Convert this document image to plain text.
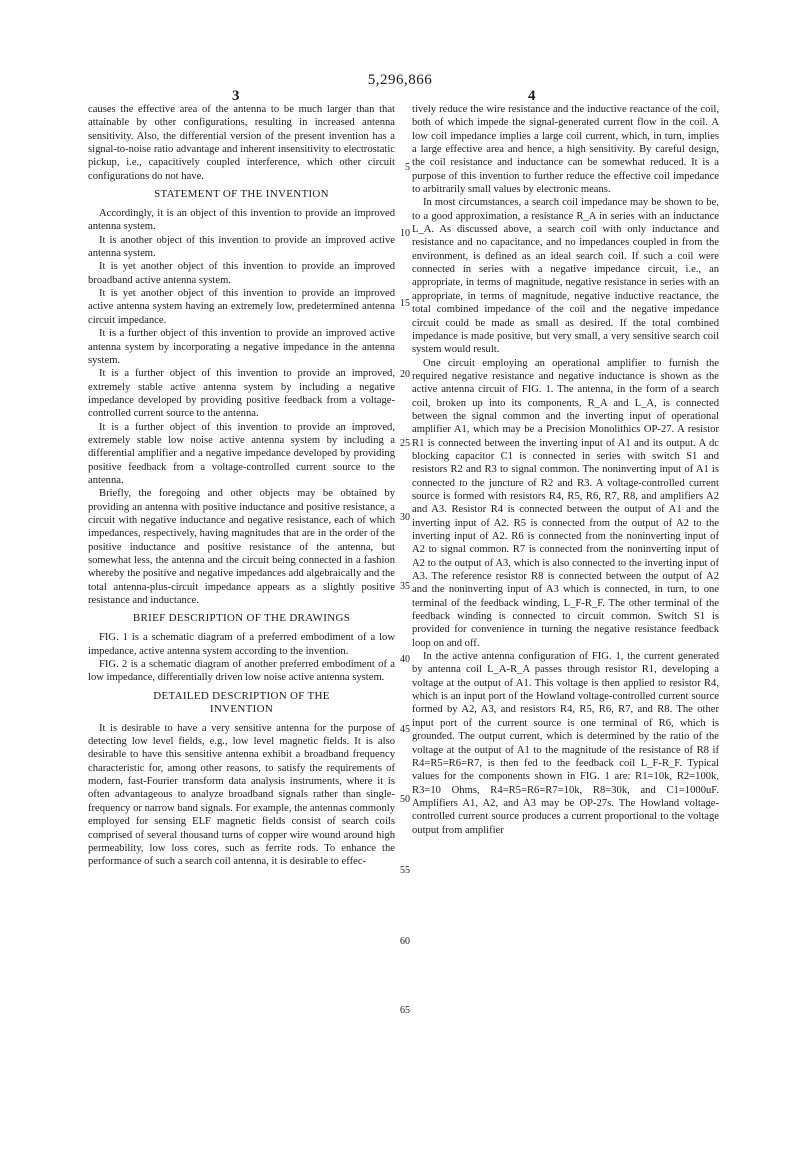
5,296,866
3	4

causes the effective area of the antenna to be much larger than that attainable by other configurations, resulting in increased antenna sensitivity. Also, the differential version of the present invention has a signal-to-noise ratio advantage and inherent insensitivity to electrostatic pickup, i.e., capacitively coupled interference, which other circuit configurations do not have.

STATEMENT OF THE INVENTION

Accordingly, it is an object of this invention to provide an improved antenna system.

It is another object of this invention to provide an improved active antenna system.

It is yet another object of this invention to provide an improved broadband active antenna system.

It is yet another object of this invention to provide an improved active antenna system having an extremely low, predetermined antenna circuit impedance.

It is a further object of this invention to provide an improved active antenna system by incorporating a negative impedance in the antenna system.

It is a further object of this invention to provide an improved, extremely stable active antenna system by including a negative impedance developed by providing positive feedback from a voltage-controlled current source to the antenna.

It is a further object of this invention to provide an improved, extremely stable low noise active antenna system by including a differential amplifier and a negative impedance developed by providing positive feedback from a voltage-controlled current source to the antenna.

Briefly, the foregoing and other objects may be obtained by providing an antenna with positive inductance and positive resistance, a circuit with negative inductance and negative resistance, each of which impedances, respectively, having magnitudes that are in the order of the positive inductance and positive resistance of the antenna, but somewhat less, the antenna and the circuit being connected in a fashion whereby the positive and negative impedances add algebraically and the total antenna-plus-circuit impedance appears as a slightly positive resistance and inductance.

BRIEF DESCRIPTION OF THE DRAWINGS

FIG. 1 is a schematic diagram of a preferred embodiment of a low impedance, active antenna system according to the invention.

FIG. 2 is a schematic diagram of another preferred embodiment of a low impedance, differentially driven low noise active antenna system.

DETAILED DESCRIPTION OF THE
INVENTION

It is desirable to have a very sensitive antenna for the purpose of detecting low level fields, e.g., low level magnetic fields. It is also desirable to have this sensitive antenna exhibit a broadband frequency characteristic for, among other reasons, to satisfy the requirements of modern, fast-Fourier transform data analysis instruments, where it is often advantageous to analyze broadband signals rather than single-frequency or narrow band signals. For example, the antennas commonly employed for sensing ELF magnetic fields consist of search coils comprised of several thousand turns of copper wire wound around high permeability, low loss cores, such as ferrite rods. To enhance the performance of such a search coil antenna, it is desirable to effec-

tively reduce the wire resistance and the inductive reactance of the coil, both of which impede the signal-generated current flow in the coil. A low coil impedance implies a large coil current, which, in turn, implies a large effective area and hence, a high sensitivity. By careful design, the coil resistance and inductance can be somewhat reduced. It is a purpose of this invention to further reduce the effective coil impedance to arbitrarily small values by electronic means.

In most circumstances, a search coil impedance may be shown to be, to a good approximation, a resistance R_A in series with an inductance L_A. As discussed above, a search coil with only inductance and resistance and no capacitance, and no impedances coupled in from the environment, is defined as an ideal search coil. If such a coil were connected in series with a negative impedance circuit, i.e., an appropriate, in terms of magnitude, negative resistance in series with an appropriate, in terms of magnitude, negative inductive reactance, the total combined impedance of the coil and the negative impedance circuit could be made as small as desired. If the total combined impedance is made positive, but very small, a very sensitive search coil system would result.

One circuit employing an operational amplifier to furnish the required negative resistance and negative inductance is shown as the active antenna circuit of FIG. 1. The antenna, in the form of a search coil, broken up into its components, R_A and L_A, is connected between the signal common and the inverting input of operational amplifier A1, which may be a Precision Monolithics OP-27. A resistor R1 is connected between the inverting input of A1 and its output. A dc blocking capacitor C1 is connected in series with switch S1 and resistors R2 and R3 to signal common. The noninverting input of A1 is connected to the juncture of R2 and R3. A voltage-controlled current source is formed with resistors R4, R5, R6, R7, R8, and amplifiers A2 and A3. Resistor R4 is connected between the output of A1 and the inverting input of A2. R5 is connected from the output of A2 to the inverting input of A2. R6 is connected from the noninverting input of A2 to signal common. R7 is connected from the noninverting input of A2 to the output of A3, which is also connected to the inverting input of A3. The reference resistor R8 is connected between the output of A2 and the noninverting input of A3 which is connected, in turn, to one terminal of the feedback winding, L_F-R_F. The other terminal of the feedback winding is connected to circuit common. Switch S1 is provided for convenience in turning the negative resistance feedback loop on and off.

In the active antenna configuration of FIG. 1, the current generated by antenna coil L_A-R_A passes through resistor R1, developing a voltage at the output of A1. This voltage is then applied to resistor R4, which is an input port of the Howland voltage-controlled current source formed by A2, A3, and resistors R4, R5, R6, R7, and R8. The other input port of the current source is one terminal of R6, which is grounded. The output current, which is determined by the ratio of the voltage at the output of A1 to the magnitude of the resistance of R8 if R4=R5=R6=R7, is then fed to the feedback coil L_F-R_F. Typical values for the components shown in FIG. 1 are: R1=10k, R2=100k, R3=10 Ohms, R4=R5=R6=R7=10k, R8=30k, and C1=1000uF. Amplifiers A1, A2, and A3 may be OP-27s. The Howland voltage-controlled current source produces a current proportional to the voltage output from amplifier

5
10
15
20
25
30
35
40
45
50
55
60
65
